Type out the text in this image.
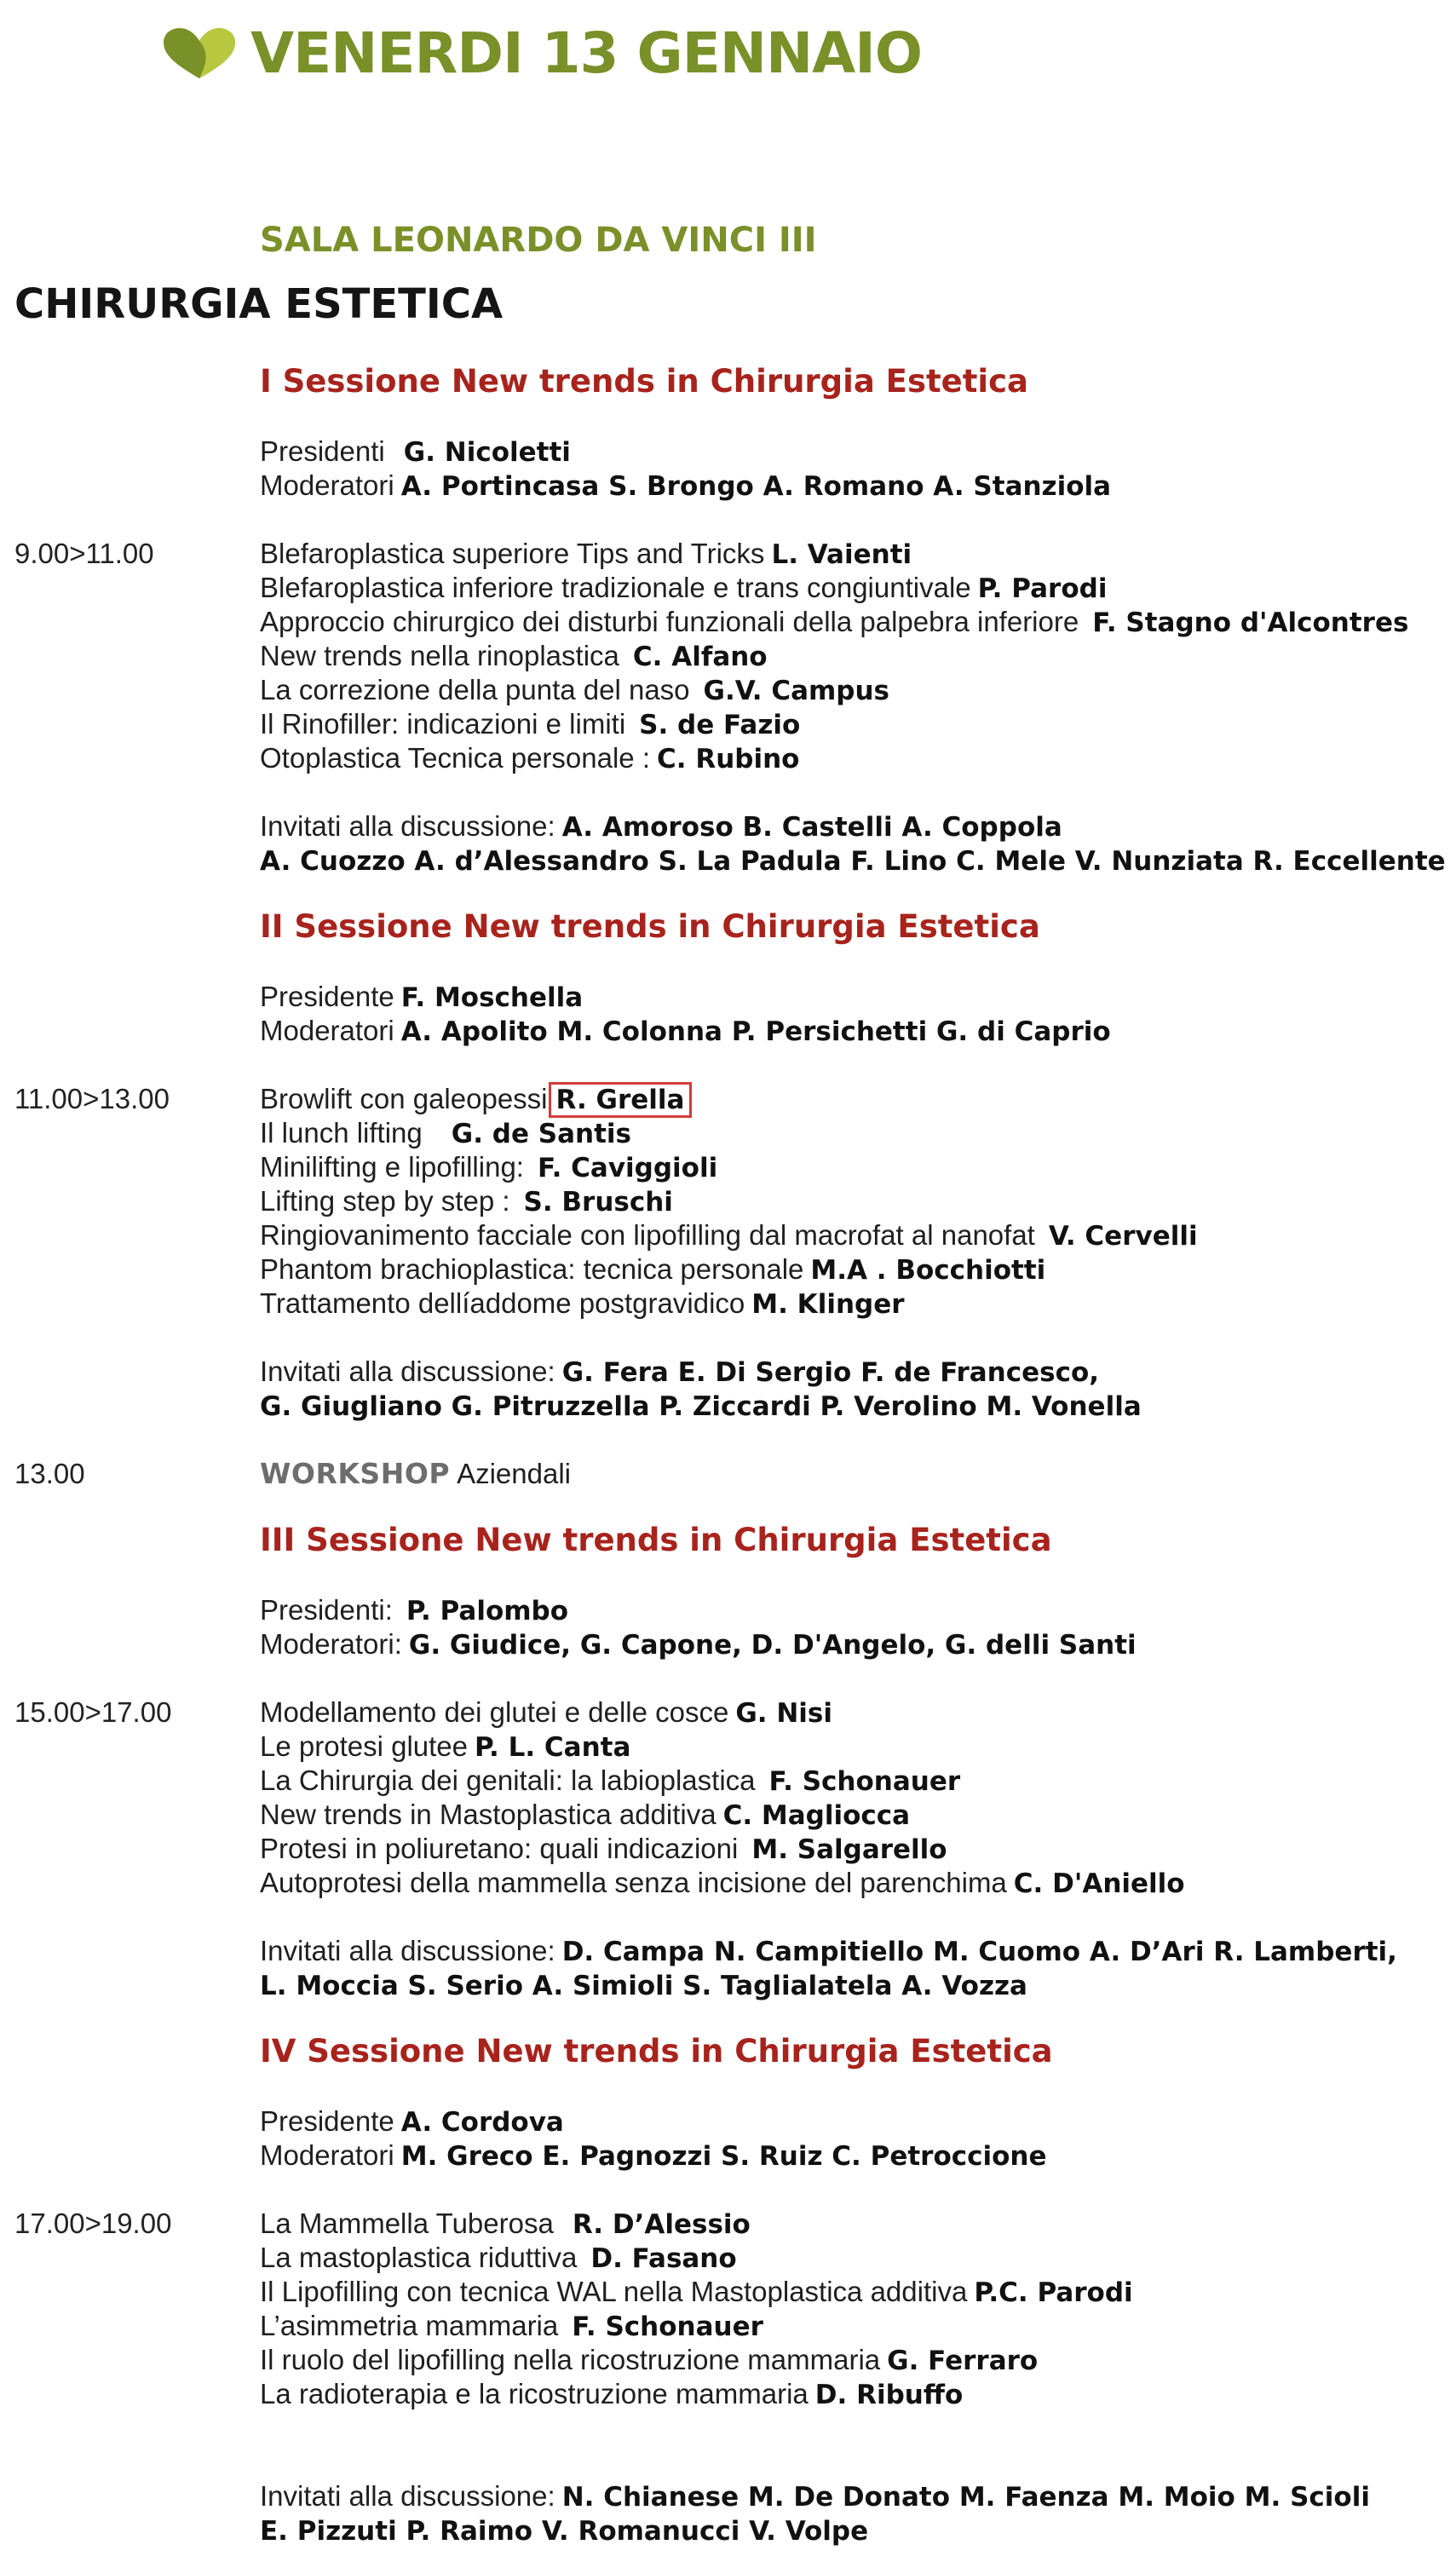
VENERDI 13 GENNAIO
SALA LEONARDO DA VINCI III
CHIRURGIA ESTETICA
I Sessione New trends in Chirurgia Estetica
Presidenti G. Nicoletti
Moderatori A. Portincasa S. Brongo A. Romano A. Stanziola
9.00>11.00	Blefaroplastica superiore Tips and Tricks L. Vaienti
Blefaroplastica inferiore tradizionale e trans congiuntivale P. Parodi
Approccio chirurgico dei disturbi funzionali della palpebra inferiore F. Stagno d'Alcontres
New trends nella rinoplastica C. Alfano
La correzione della punta del naso G.V. Campus
Il Rinofiller: indicazioni e limiti S. de Fazio
Otoplastica Tecnica personale : C. Rubino
Invitati alla discussione: A. Amoroso B. Castelli A. Coppola
A. Cuozzo A. d’Alessandro S. La Padula F. Lino C. Mele V. Nunziata R. Eccellente
II Sessione New trends in Chirurgia Estetica
Presidente F. Moschella
Moderatori A. Apolito M. Colonna P. Persichetti G. di Caprio
11.00>13.00	Browlift con galeopessi R. Grella
Il lunch lifting G. de Santis
Minilifting e lipofilling: F. Caviggioli
Lifting step by step : S. Bruschi
Ringiovanimento facciale con lipofilling dal macrofat al nanofat V. Cervelli
Phantom brachioplastica: tecnica personale M.A . Bocchiotti
Trattamento dellíaddome postgravidico M. Klinger
Invitati alla discussione: G. Fera E. Di Sergio F. de Francesco,
G. Giugliano G. Pitruzzella P. Ziccardi P. Verolino M. Vonella
13.00	WORKSHOP Aziendali
III Sessione New trends in Chirurgia Estetica
Presidenti: P. Palombo
Moderatori: G. Giudice, G. Capone, D. D'Angelo, G. delli Santi
15.00>17.00	Modellamento dei glutei e delle cosce G. Nisi
Le protesi glutee P. L. Canta
La Chirurgia dei genitali: la labioplastica F. Schonauer
New trends in Mastoplastica additiva C. Magliocca
Protesi in poliuretano: quali indicazioni M. Salgarello
Autoprotesi della mammella senza incisione del parenchima C. D'Aniello
Invitati alla discussione: D. Campa N. Campitiello M. Cuomo A. D’Ari R. Lamberti,
L. Moccia S. Serio A. Simioli S. Taglialatela A. Vozza
IV Sessione New trends in Chirurgia Estetica
Presidente A. Cordova
Moderatori M. Greco E. Pagnozzi S. Ruiz C. Petroccione
17.00>19.00	La Mammella Tuberosa R. D’Alessio
La mastoplastica riduttiva D. Fasano
Il Lipofilling con tecnica WAL nella Mastoplastica additiva P.C. Parodi
L’asimmetria mammaria F. Schonauer
Il ruolo del lipofilling nella ricostruzione mammaria G. Ferraro
La radioterapia e la ricostruzione mammaria D. Ribuffo
Invitati alla discussione: N. Chianese M. De Donato M. Faenza M. Moio M. Scioli
E. Pizzuti P. Raimo V. Romanucci V. Volpe
